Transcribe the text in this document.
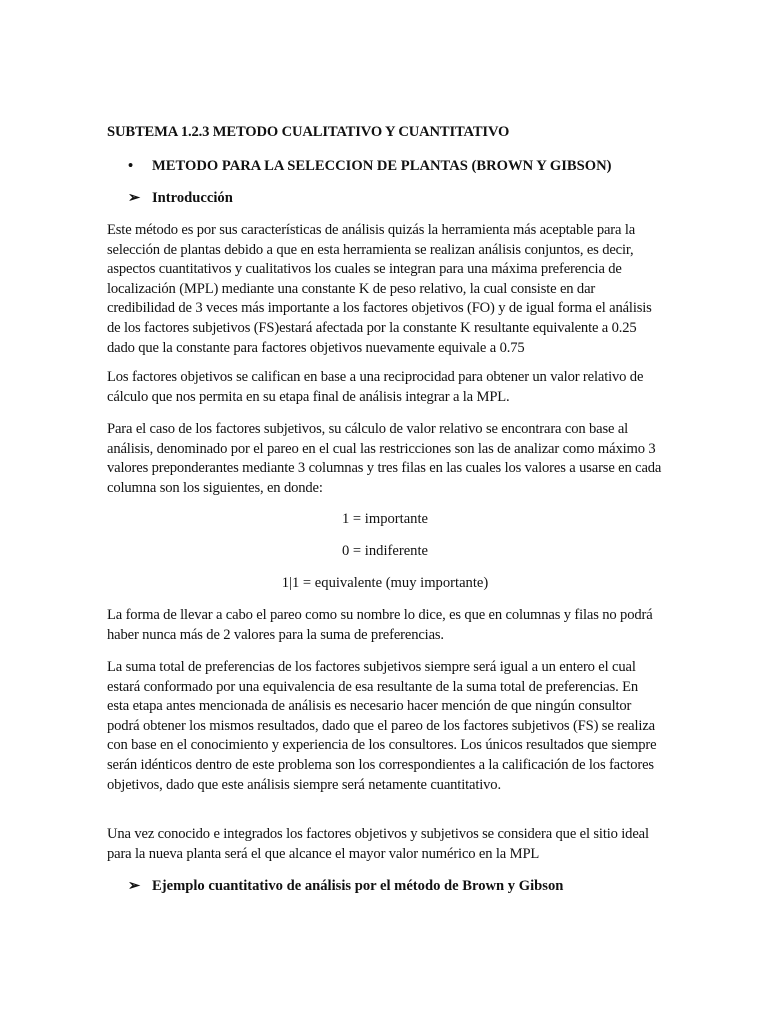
SUBTEMA 1.2.3 METODO CUALITATIVO Y CUANTITATIVO

• METODO PARA LA SELECCION DE PLANTAS (BROWN Y GIBSON)
➢ Introducción

Este método es por sus características de análisis quizás la herramienta más aceptable para la selección de plantas debido a que en esta herramienta se realizan análisis conjuntos, es decir, aspectos cuantitativos y cualitativos los cuales se integran para una máxima preferencia de localización (MPL) mediante una constante K de peso relativo, la cual consiste en dar credibilidad de 3 veces más importante a los factores objetivos (FO) y de igual forma el análisis de los factores subjetivos (FS)estará afectada por la constante K resultante equivalente a 0.25 dado que la constante para factores objetivos nuevamente equivale a 0.75

Los factores objetivos se califican en base a una reciprocidad para obtener un valor relativo de cálculo que nos permita en su etapa final de análisis integrar a la MPL.

Para el caso de los factores subjetivos, su cálculo de valor relativo se encontrara con base al análisis, denominado por el pareo en el cual las restricciones son las de analizar como máximo 3 valores preponderantes mediante 3 columnas y tres filas en las cuales los valores a usarse en cada columna son los siguientes, en donde:

1 = importante
0 = indiferente
1|1 = equivalente (muy importante)

La forma de llevar a cabo el pareo como su nombre lo dice, es que en columnas y filas no podrá haber nunca más de 2 valores para la suma de preferencias.

La suma total de preferencias de los factores subjetivos siempre será igual a un entero el cual estará conformado por una equivalencia de esa resultante de la suma total de preferencias. En esta etapa antes mencionada de análisis es necesario hacer mención de que ningún consultor podrá obtener los mismos resultados, dado que el pareo de los factores subjetivos (FS) se realiza con base en el conocimiento y experiencia de los consultores. Los únicos resultados que siempre serán idénticos dentro de este problema son los correspondientes a la calificación de los factores objetivos, dado que este análisis siempre será netamente cuantitativo.

Una vez conocido e integrados los factores objetivos y subjetivos se considera que el sitio ideal para la nueva planta será el que alcance el mayor valor numérico en la MPL

➢ Ejemplo cuantitativo de análisis por el método de Brown y Gibson
